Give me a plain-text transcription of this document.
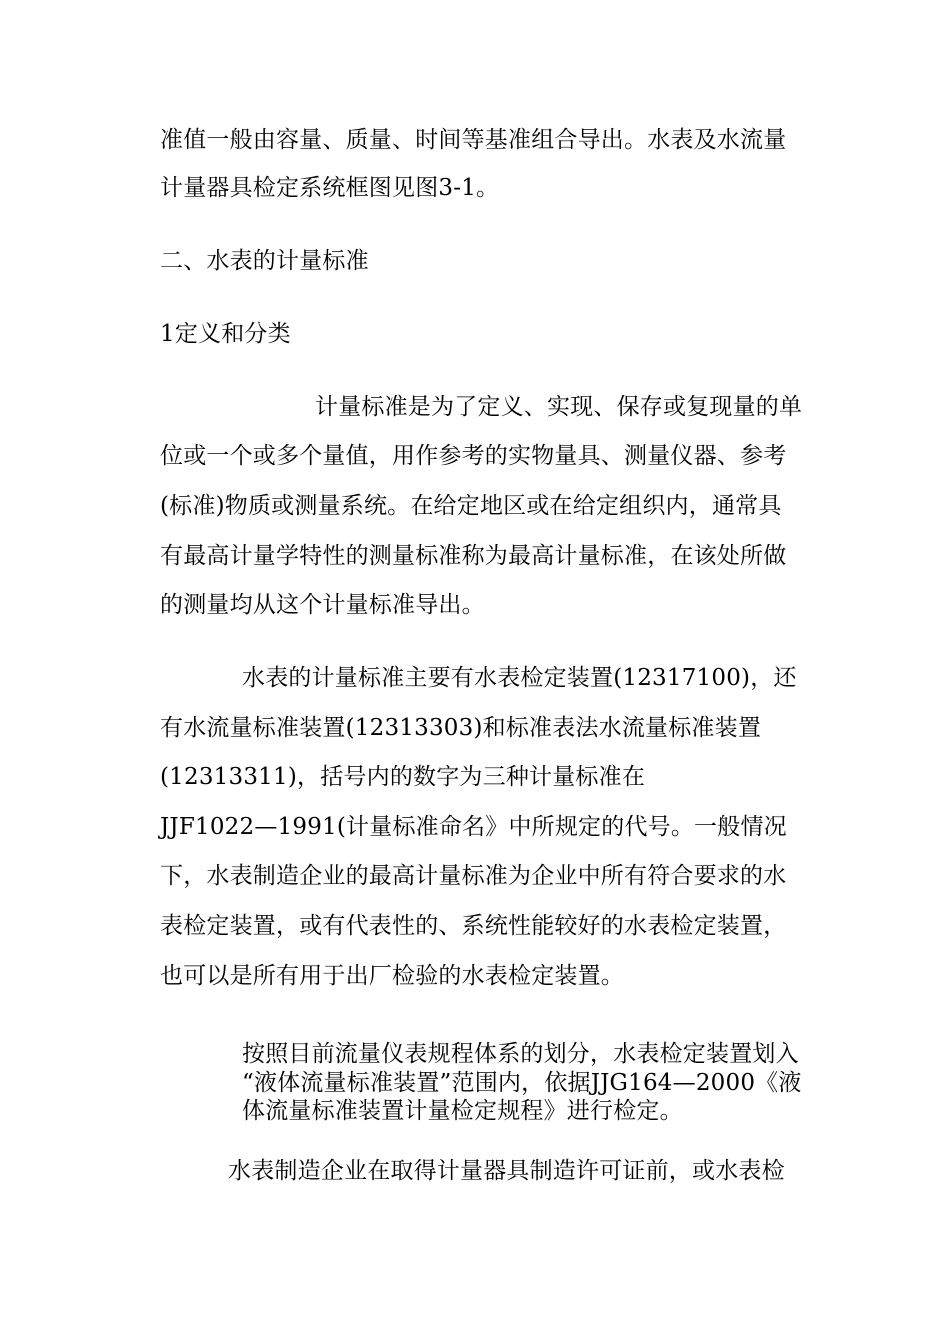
准值一般由容量、质量、时间等基准组合导出。水表及水流量
计量器具检定系统框图见图3-1。
二、水表的计量标准
1定义和分类
计量标准是为了定义、实现、保存或复现量的单
位或一个或多个量值，用作参考的实物量具、测量仪器、参考
(标准)物质或测量系统。在给定地区或在给定组织内，通常具
有最高计量学特性的测量标准称为最高计量标准，在该处所做
的测量均从这个计量标准导出。
水表的计量标准主要有水表检定装置(12317100)，还
有水流量标准装置(12313303)和标准表法水流量标准装置
(12313311)，括号内的数字为三种计量标准在
JJF1022—1991(计量标准命名》中所规定的代号。一般情况
下，水表制造企业的最高计量标准为企业中所有符合要求的水
表检定装置，或有代表性的、系统性能较好的水表检定装置，
也可以是所有用于出厂检验的水表检定装置。
按照目前流量仪表规程体系的划分，水表检定装置划入
“液体流量标准装置”范围内，依据JJG164—2000《液
体流量标准装置计量检定规程》进行检定。
水表制造企业在取得计量器具制造许可证前，或水表检
